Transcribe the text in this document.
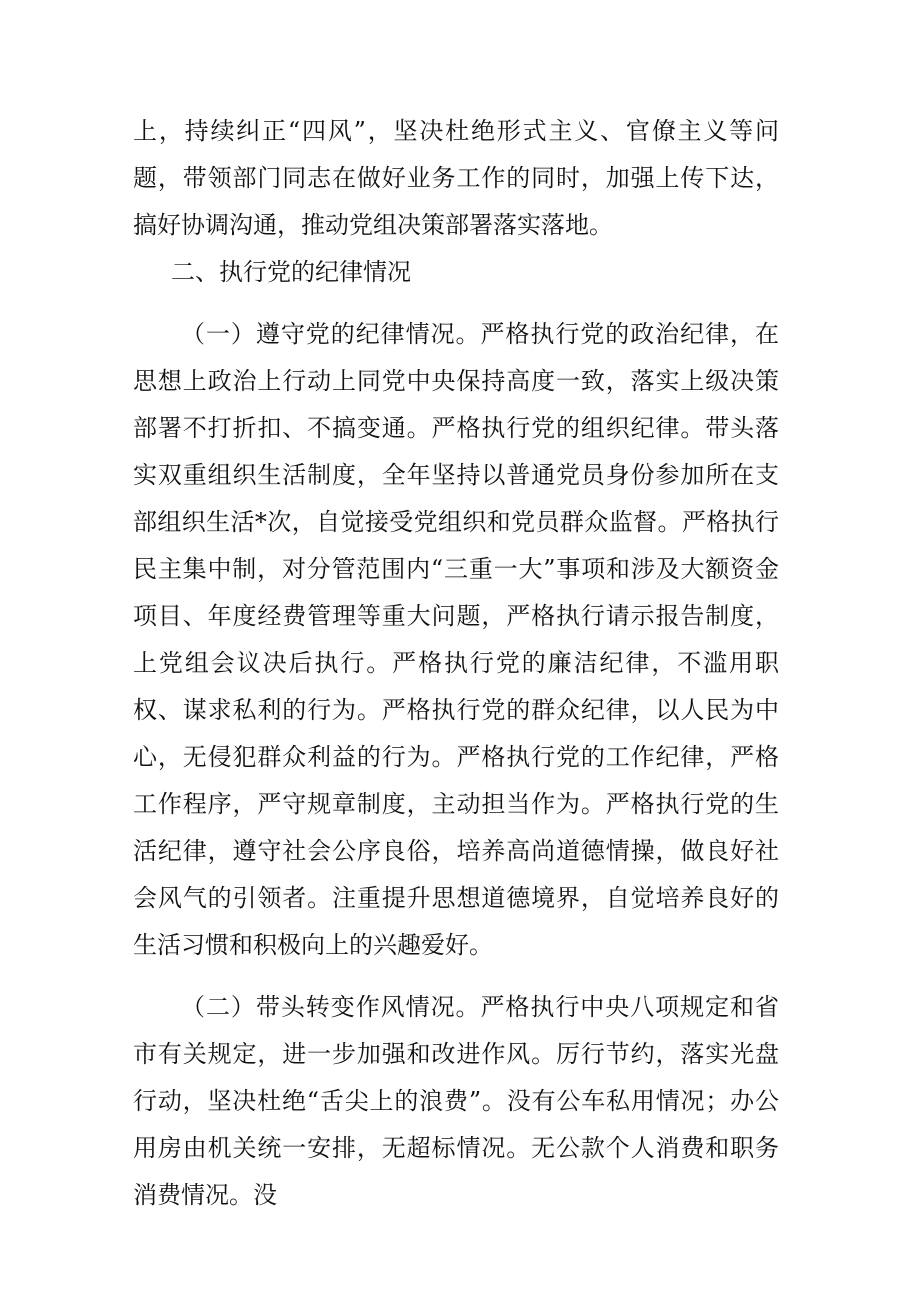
上，持续纠正“四风”，坚决杜绝形式主义、官僚主义等问题，带领部门同志在做好业务工作的同时，加强上传下达，搞好协调沟通，推动党组决策部署落实落地。

二、执行党的纪律情况

（一）遵守党的纪律情况。严格执行党的政治纪律，在思想上政治上行动上同党中央保持高度一致，落实上级决策部署不打折扣、不搞变通。严格执行党的组织纪律。带头落实双重组织生活制度，全年坚持以普通党员身份参加所在支部组织生活*次，自觉接受党组织和党员群众监督。严格执行民主集中制，对分管范围内“三重一大”事项和涉及大额资金项目、年度经费管理等重大问题，严格执行请示报告制度，上党组会议决后执行。严格执行党的廉洁纪律，不滥用职权、谋求私利的行为。严格执行党的群众纪律，以人民为中心，无侵犯群众利益的行为。严格执行党的工作纪律，严格工作程序，严守规章制度，主动担当作为。严格执行党的生活纪律，遵守社会公序良俗，培养高尚道德情操，做良好社会风气的引领者。注重提升思想道德境界，自觉培养良好的生活习惯和积极向上的兴趣爱好。

（二）带头转变作风情况。严格执行中央八项规定和省市有关规定，进一步加强和改进作风。厉行节约，落实光盘行动，坚决杜绝“舌尖上的浪费”。没有公车私用情况；办公用房由机关统一安排，无超标情况。无公款个人消费和职务消费情况。没
